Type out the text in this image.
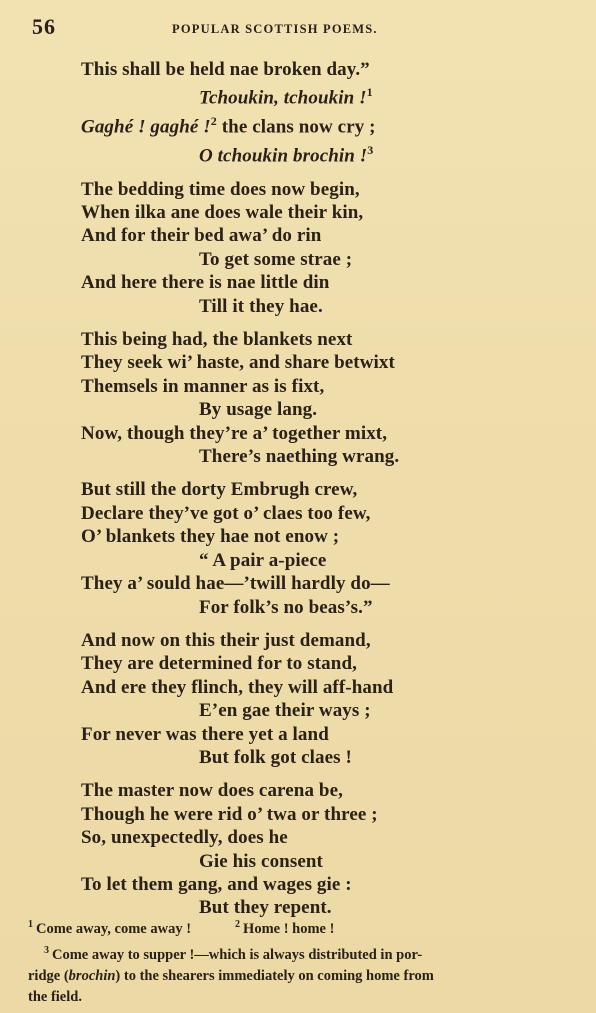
56	POPULAR SCOTTISH POEMS.
This shall be held nae broken day.”
Tchoukin, tchoukin !$^1$
Gaghé ! gaghé !$^2$ the clans now cry ;
O tchoukin brochin !$^3$
The bedding time does now begin,
When ilka ane does wale their kin,
And for their bed awa’ do rin
To get some strae ;
And here there is nae little din
Till it they hae.
This being had, the blankets next
They seek wi’ haste, and share betwixt
Themsels in manner as is fixt,
By usage lang.
Now, though they’re a’ together mixt,
There’s naething wrang.
But still the dorty Embrugh crew,
Declare they’ve got o’ claes too few,
O’ blankets they hae not enow ;
“ A pair a-piece
They a’ sould hae—’twill hardly do—
For folk’s no beas’s.”
And now on this their just demand,
They are determined for to stand,
And ere they flinch, they will aff-hand
E’en gae their ways ;
For never was there yet a land
But folk got claes !
The master now does carena be,
Though he were rid o’ twa or three ;
So, unexpectedly, does he
Gie his consent
To let them gang, and wages gie :
But they repent.
$^1$ Come away, come away !	$^2$ Home ! home !
$^3$ Come away to supper !—which is always distributed in por-
ridge (brochin) to the shearers immediately on coming home from
the field.
